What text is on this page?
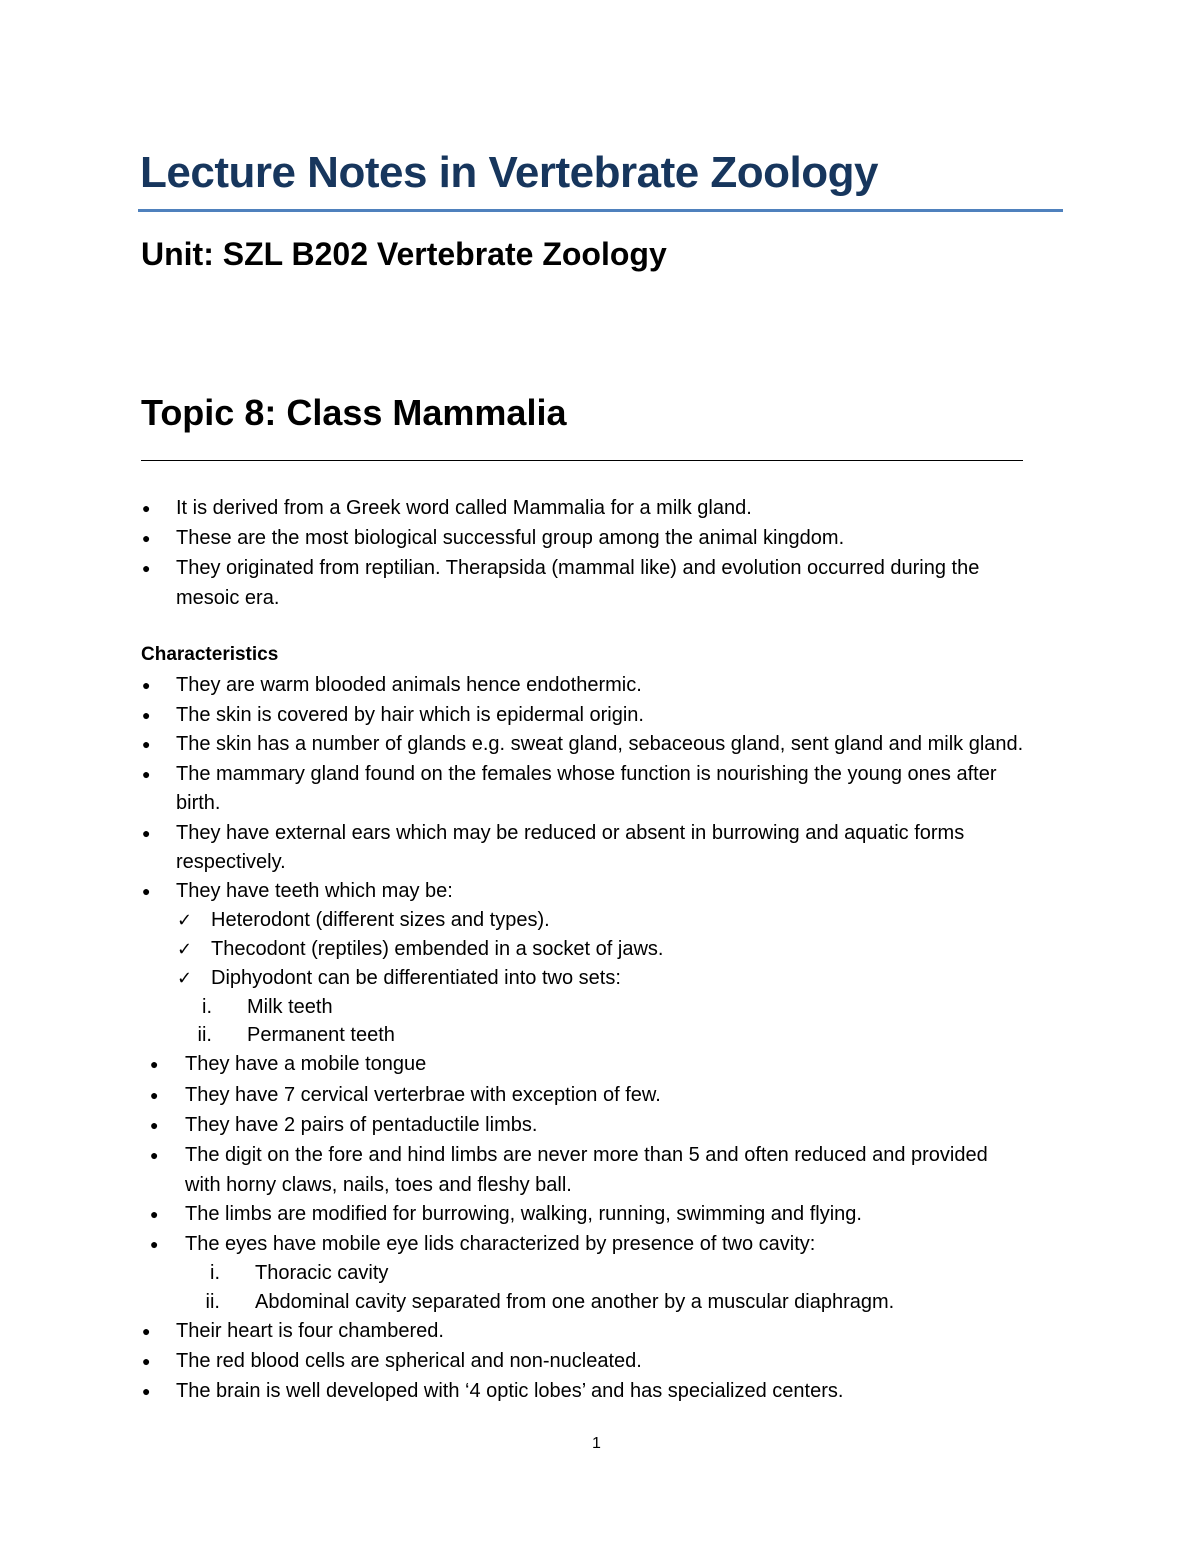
Lecture Notes in Vertebrate Zoology
Unit: SZL B202 Vertebrate Zoology
Topic 8: Class Mammalia
● It is derived from a Greek word called Mammalia for a milk gland.
● These are the most biological successful group among the animal kingdom.
● They originated from reptilian. Therapsida (mammal like) and evolution occurred during the
mesoic era.
Characteristics
● They are warm blooded animals hence endothermic.
● The skin is covered by hair which is epidermal origin.
● The skin has a number of glands e.g. sweat gland, sebaceous gland, sent gland and milk gland.
● The mammary gland found on the females whose function is nourishing the young ones after
birth.
● They have external ears which may be reduced or absent in burrowing and aquatic forms
respectively.
● They have teeth which may be:
✓ Heterodont (different sizes and types).
✓ Thecodont (reptiles) embended in a socket of jaws.
✓ Diphyodont can be differentiated into two sets:
i. Milk teeth
ii. Permanent teeth
● They have a mobile tongue
● They have 7 cervical verterbrae with exception of few.
● They have 2 pairs of pentaductile limbs.
● The digit on the fore and hind limbs are never more than 5 and often reduced and provided
with horny claws, nails, toes and fleshy ball.
● The limbs are modified for burrowing, walking, running, swimming and flying.
● The eyes have mobile eye lids characterized by presence of two cavity:
i. Thoracic cavity
ii. Abdominal cavity separated from one another by a muscular diaphragm.
● Their heart is four chambered.
● The red blood cells are spherical and non-nucleated.
● The brain is well developed with ‘4 optic lobes’ and has specialized centers.
1
